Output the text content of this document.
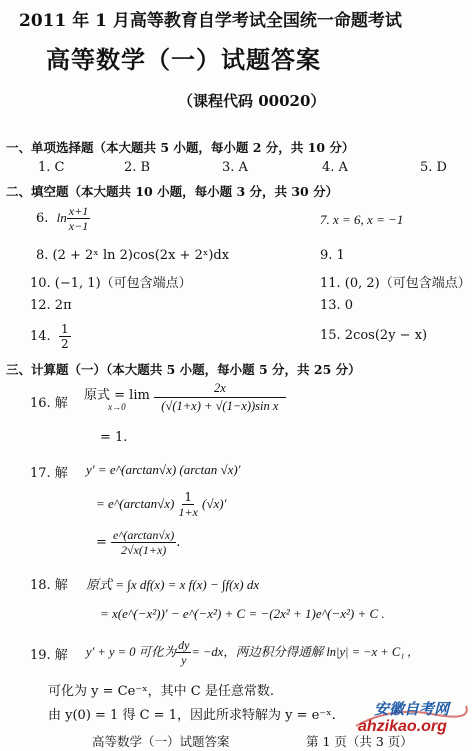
2011 年 1 月高等教育自学考试全国统一命题考试
高等数学（一）试题答案
（课程代码 00020）
一、单项选择题（本大题共 5 小题，每小题 2 分，共 10 分）
1. C	2. B	3. A	4. A	5. D
二、填空题（本大题共 10 小题，每小题 3 分，共 30 分）
6. $\ln \frac{x+1}{x-1}$	7. x = 6, x = −1
8. (2 + 2ˣ ln 2)cos(2x + 2ˣ)dx	9. 1
10. (−1, 1)（可包含端点）	11. (0, 2)（可包含端点）
12. 2π	13. 0
14. $\frac{1}{2}$	15. 2cos(2y − x)
三、计算题（一）（本大题共 5 小题，每小题 5 分，共 25 分）
16. 解
原式 = lim
x→0
$\frac{2x}{\text{(√(1+x) + √(1−x))sin x}}$
= 1.
17. 解 y′ = e^(arctan√x) (arctan √x)′
= e^(arctan√x) $\frac{1}{1+x} (√x)'$
= $\frac{e\^{}(\arctan√x)}{2√x(1+x)}$ .
18. 解 原式 = ∫x df(x) = x f(x) − ∫f(x) dx
= x(e^(−x²))′ − e^(−x²) + C = −(2x² + 1)e^(−x²) + C .
19. 解 y′ + y = 0 可化为 $\frac{dy}{y} = -dx$，两边积分得通解 ln|y| = −x + C₁ ,
可化为 y = Ce⁻ˣ，其中 C 是任意常数.
由 y(0) = 1 得 C = 1，因此所求特解为 y = e⁻ˣ.
高等数学（一）试题答案	第 1 页（共 3 页）
安徽自考网
ahzikao.org
